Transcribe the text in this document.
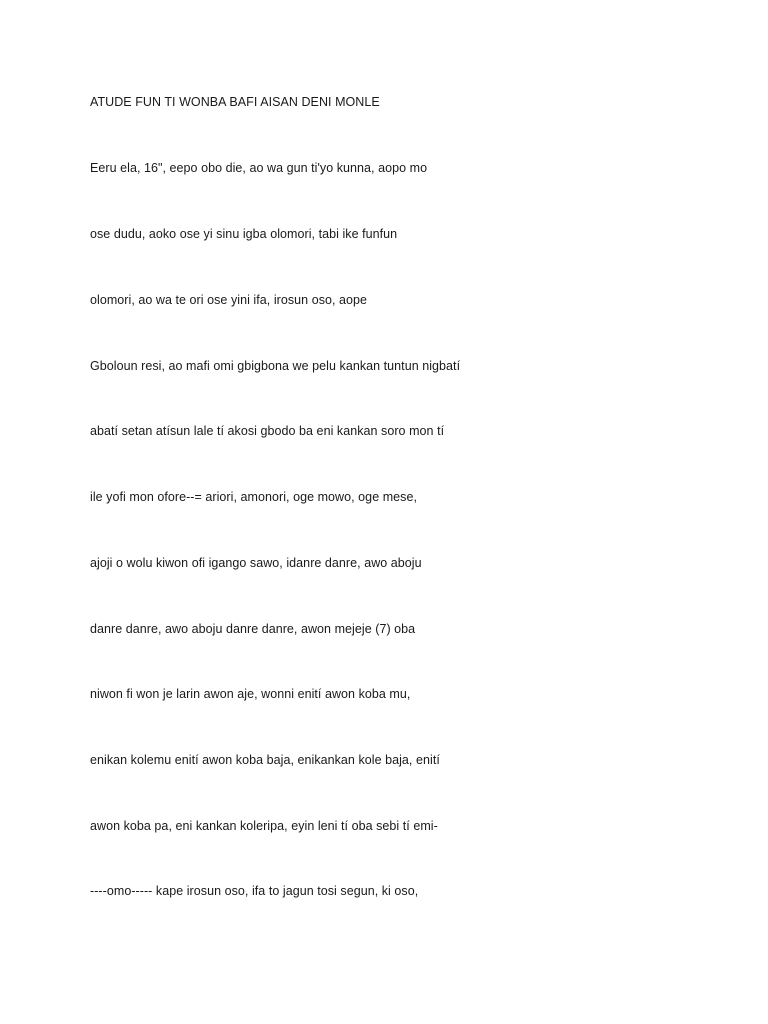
ATUDE FUN TI WONBA BAFI AISAN DENI MONLE

Eeru ela, 16", eepo obo die, ao wa gun ti'yo kunna, aopo mo

ose dudu, aoko ose yi sinu igba olomori, tabi ike funfun

olomori, ao wa te ori ose yini ifa, irosun oso, aope

Gboloun resi, ao mafi omi gbigbona we pelu kankan tuntun nigbatí

abatí setan atísun lale tí akosi gbodo ba eni kankan soro mon tí

ile yofi mon ofore--= ariori, amonori, oge mowo, oge mese,

ajoji o wolu kiwon ofi igango sawo, idanre danre, awo aboju

danre danre, awo aboju danre danre, awon mejeje (7) oba

niwon fi won je larin awon aje, wonni enití awon koba mu,

enikan kolemu enití awon koba baja, enikankan kole baja, enití

awon koba pa, eni kankan koleripa, eyin leni tí oba sebi tí emi-

----omo----- kape irosun oso, ifa to jagun tosi segun, ki oso,
